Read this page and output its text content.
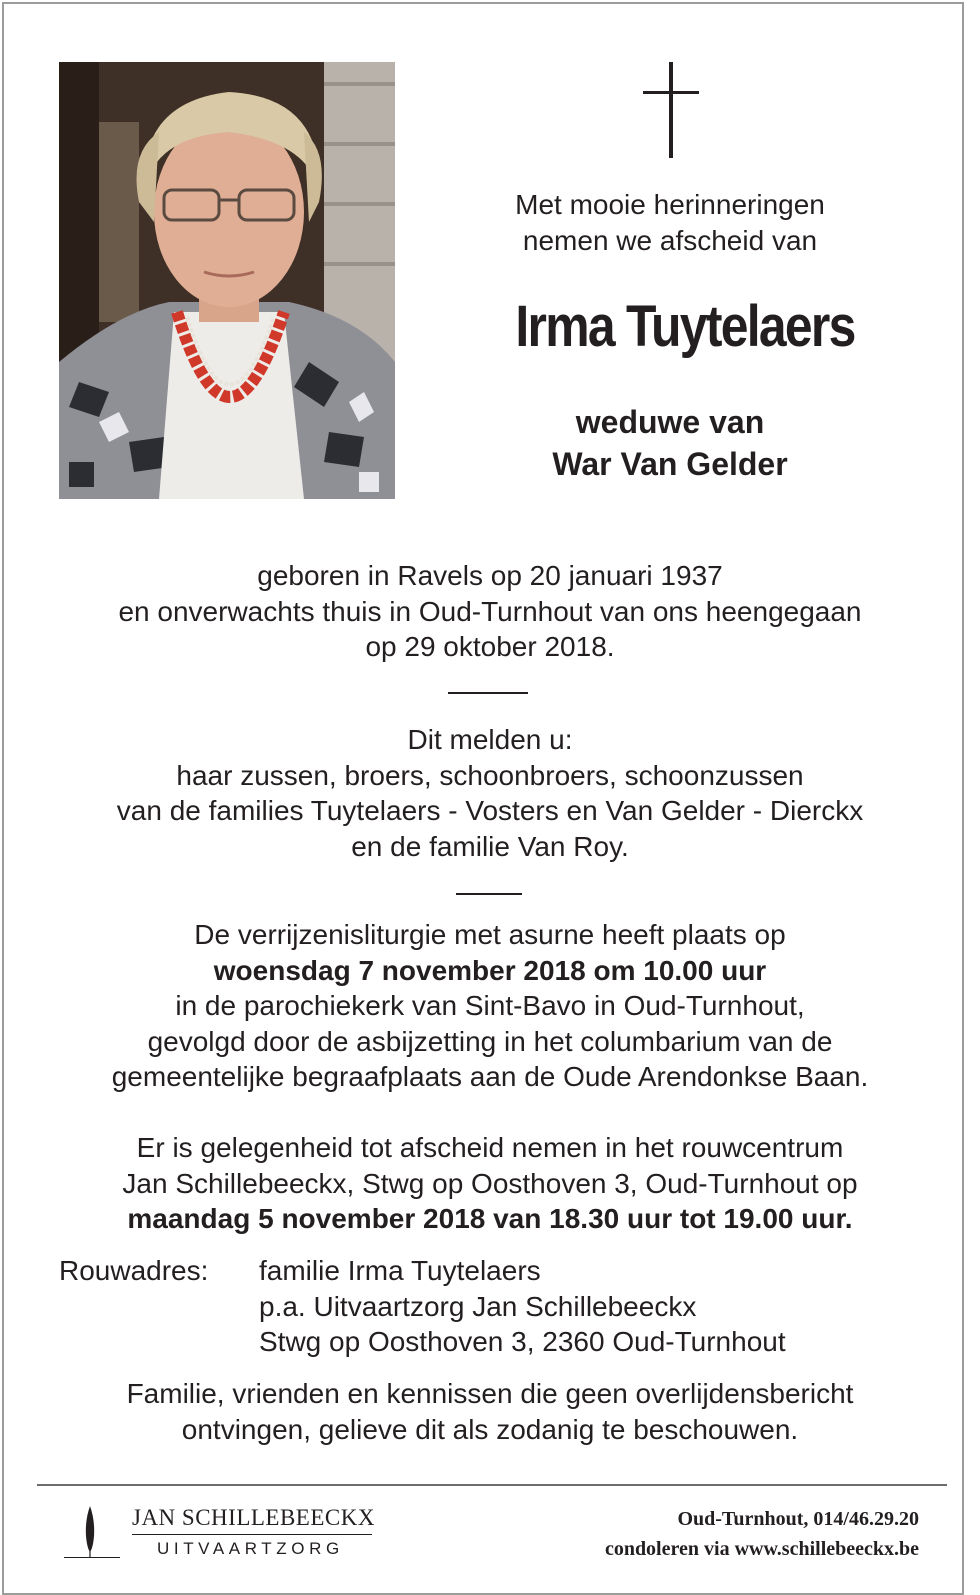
Met mooie herinneringen
nemen we afscheid van
Irma Tuytelaers
weduwe van
War Van Gelder
geboren in Ravels op 20 januari 1937
en onverwachts thuis in Oud-Turnhout van ons heengegaan
op 29 oktober 2018.
Dit melden u:
haar zussen, broers, schoonbroers, schoonzussen
van de families Tuytelaers - Vosters en Van Gelder - Dierckx
en de familie Van Roy.
De verrijzenisliturgie met asurne heeft plaats op
woensdag 7 november 2018 om 10.00 uur
in de parochiekerk van Sint-Bavo in Oud-Turnhout,
gevolgd door de asbijzetting in het columbarium van de
gemeentelijke begraafplaats aan de Oude Arendonkse Baan.
Er is gelegenheid tot afscheid nemen in het rouwcentrum
Jan Schillebeeckx, Stwg op Oosthoven 3, Oud-Turnhout op
maandag 5 november 2018 van 18.30 uur tot 19.00 uur.
Rouwadres: familie Irma Tuytelaers
p.a. Uitvaartzorg Jan Schillebeeckx
Stwg op Oosthoven 3, 2360 Oud-Turnhout
Familie, vrienden en kennissen die geen overlijdensbericht
ontvingen, gelieve dit als zodanig te beschouwen.
JAN SCHILLEBEECKX
UITVAARTZORG
Oud-Turnhout, 014/46.29.20
condoleren via www.schillebeeckx.be
